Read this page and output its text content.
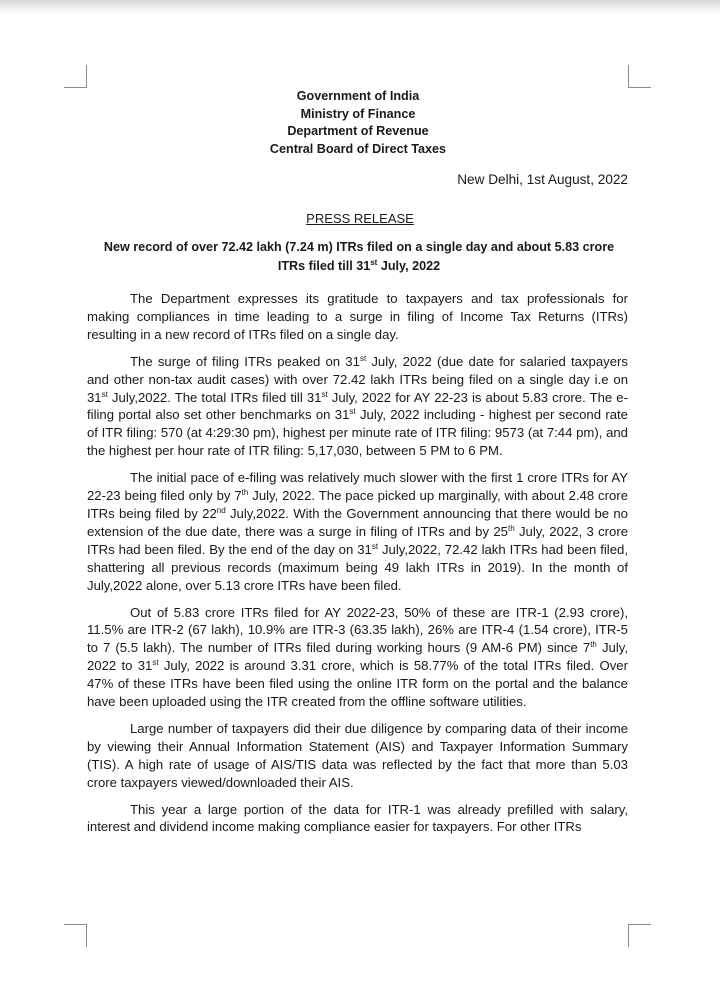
Government of India
Ministry of Finance
Department of Revenue
Central Board of Direct Taxes
New Delhi, 1st August, 2022
PRESS RELEASE
New record of over 72.42 lakh (7.24 m) ITRs filed on a single day and about 5.83 crore ITRs filed till 31st July, 2022

The Department expresses its gratitude to taxpayers and tax professionals for making compliances in time leading to a surge in filing of Income Tax Returns (ITRs) resulting in a new record of ITRs filed on a single day.

The surge of filing ITRs peaked on 31st July, 2022 (due date for salaried taxpayers and other non-tax audit cases) with over 72.42 lakh ITRs being filed on a single day i.e on 31st July,2022. The total ITRs filed till 31st July, 2022 for AY 22-23 is about 5.83 crore. The e-filing portal also set other benchmarks on 31st July, 2022 including - highest per second rate of ITR filing: 570 (at 4:29:30 pm), highest per minute rate of ITR filing: 9573 (at 7:44 pm), and the highest per hour rate of ITR filing: 5,17,030, between 5 PM to 6 PM.

The initial pace of e-filing was relatively much slower with the first 1 crore ITRs for AY 22-23 being filed only by 7th July, 2022. The pace picked up marginally, with about 2.48 crore ITRs being filed by 22nd July,2022. With the Government announcing that there would be no extension of the due date, there was a surge in filing of ITRs and by 25th July, 2022, 3 crore ITRs had been filed. By the end of the day on 31st July,2022, 72.42 lakh ITRs had been filed, shattering all previous records (maximum being 49 lakh ITRs in 2019). In the month of July,2022 alone, over 5.13 crore ITRs have been filed.

Out of 5.83 crore ITRs filed for AY 2022-23, 50% of these are ITR-1 (2.93 crore), 11.5% are ITR-2 (67 lakh), 10.9% are ITR-3 (63.35 lakh), 26% are ITR-4 (1.54 crore), ITR-5 to 7 (5.5 lakh). The number of ITRs filed during working hours (9 AM-6 PM) since 7th July, 2022 to 31st July, 2022 is around 3.31 crore, which is 58.77% of the total ITRs filed. Over 47% of these ITRs have been filed using the online ITR form on the portal and the balance have been uploaded using the ITR created from the offline software utilities.

Large number of taxpayers did their due diligence by comparing data of their income by viewing their Annual Information Statement (AIS) and Taxpayer Information Summary (TIS). A high rate of usage of AIS/TIS data was reflected by the fact that more than 5.03 crore taxpayers viewed/downloaded their AIS.

This year a large portion of the data for ITR-1 was already prefilled with salary, interest and dividend income making compliance easier for taxpayers. For other ITRs
